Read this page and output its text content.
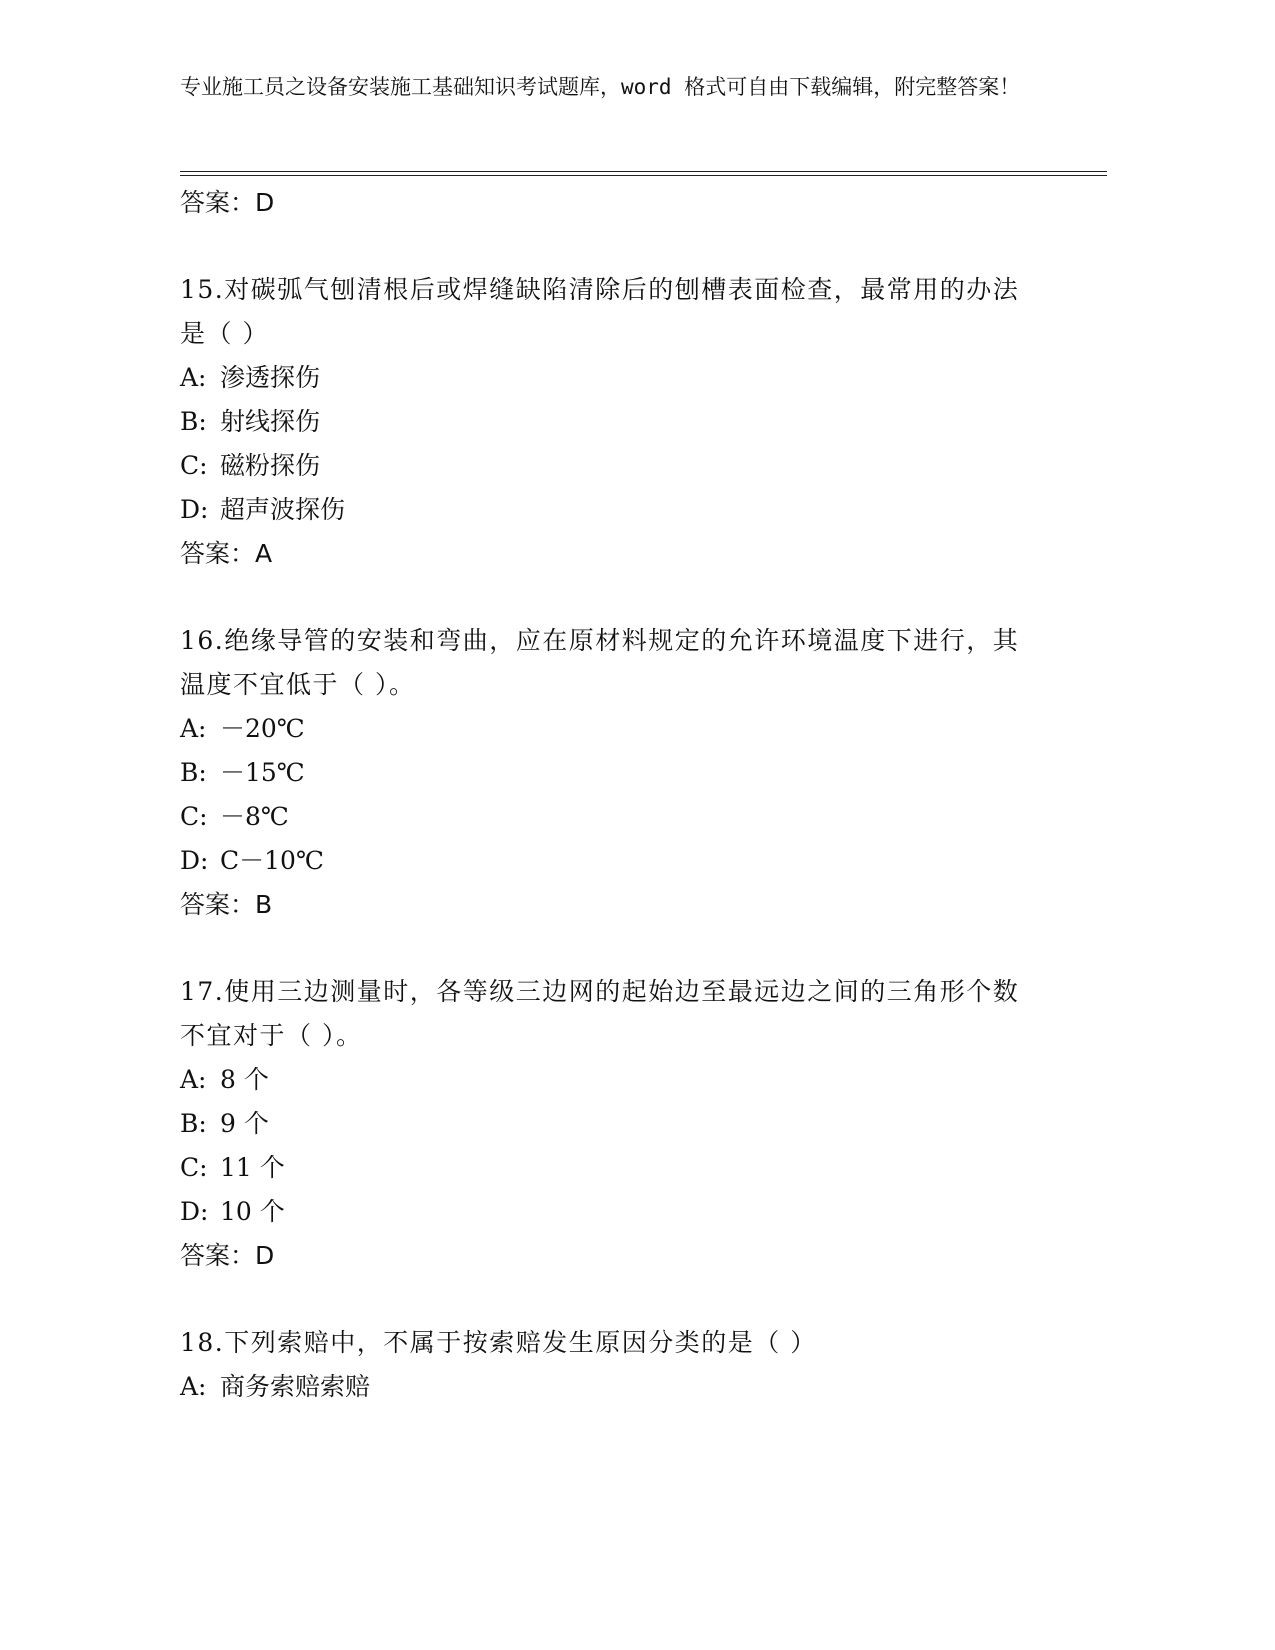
专业施工员之设备安装施工基础知识考试题库，word 格式可自由下载编辑，附完整答案！
答案：D
15.对碳弧气刨清根后或焊缝缺陷清除后的刨槽表面检查，最常用的办法是（ ）
A: 渗透探伤
B: 射线探伤
C: 磁粉探伤
D: 超声波探伤
答案：A
16.绝缘导管的安装和弯曲，应在原材料规定的允许环境温度下进行，其温度不宜低于（ ）。
A: －20℃
B: －15℃
C: －8℃
D: C－10℃
答案：B
17.使用三边测量时，各等级三边网的起始边至最远边之间的三角形个数不宜对于（ ）。
A: 8 个
B: 9 个
C: 11 个
D: 10 个
答案：D
18.下列索赔中，不属于按索赔发生原因分类的是（ ）
A: 商务索赔索赔
